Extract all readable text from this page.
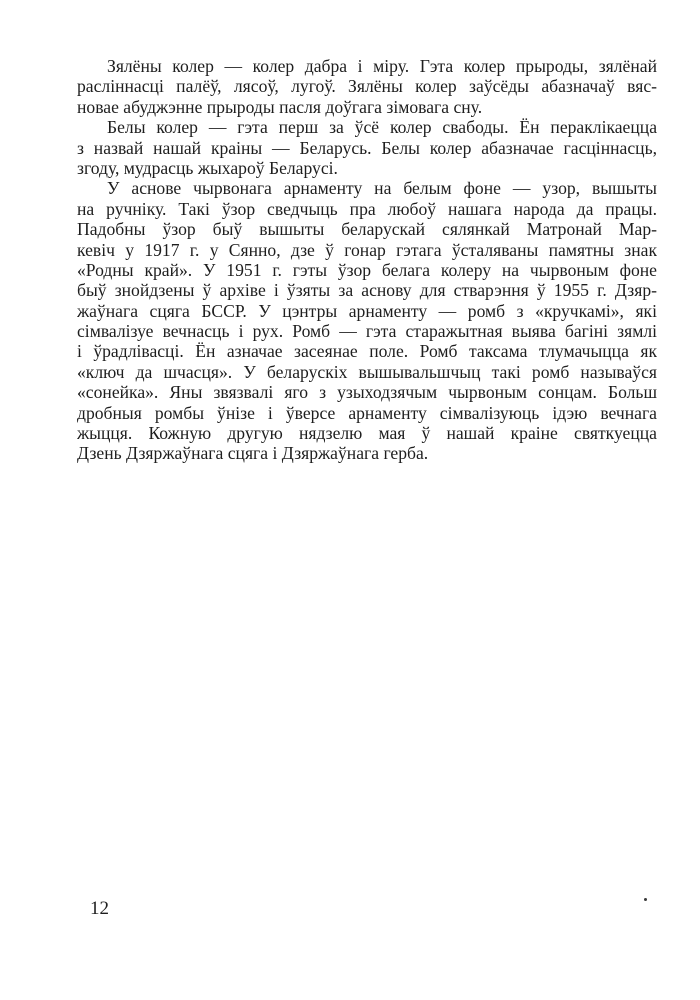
Зялёны колер — колер дабра і міру. Гэта колер прыроды, зялёнай
расліннасці палёў, лясоў, лугоў. Зялёны колер заўсёды абазначаў вяс-
новае абуджэнне прыроды пасля доўгага зімовага сну.
Белы колер — гэта перш за ўсё колер свабоды. Ён пераклікаецца
з назвай нашай краіны — Беларусь. Белы колер абазначае гасціннасць,
згоду, мудрасць жыхароў Беларусі.
У аснове чырвонага арнаменту на белым фоне — узор, вышыты
на ручніку. Такі ўзор сведчыць пра любоў нашага народа да працы.
Падобны ўзор быў вышыты беларускай сялянкай Матронай Мар-
кевіч у 1917 г. у Сянно, дзе ў гонар гэтага ўсталяваны памятны знак
«Родны край». У 1951 г. гэты ўзор белага колеру на чырвоным фоне
быў знойдзены ў архіве і ўзяты за аснову для стварэння ў 1955 г. Дзяр-
жаўнага сцяга БССР. У цэнтры арнаменту — ромб з «кручкамі», які
сімвалізуе вечнасць і рух. Ромб — гэта старажытная выява багіні зямлі
і ўрадлівасці. Ён азначае засеянае поле. Ромб таксама тлумачыцца як
«ключ да шчасця». У беларускіх вышывальшчыц такі ромб называўся
«сонейка». Яны звязвалі яго з узыходзячым чырвоным сонцам. Больш
дробныя ромбы ўнізе і ўверсе арнаменту сімвалізуюць ідэю вечнага
жыцця. Кожную другую нядзелю мая ў нашай краіне святкуецца
Дзень Дзяржаўнага сцяга і Дзяржаўнага герба.
12
